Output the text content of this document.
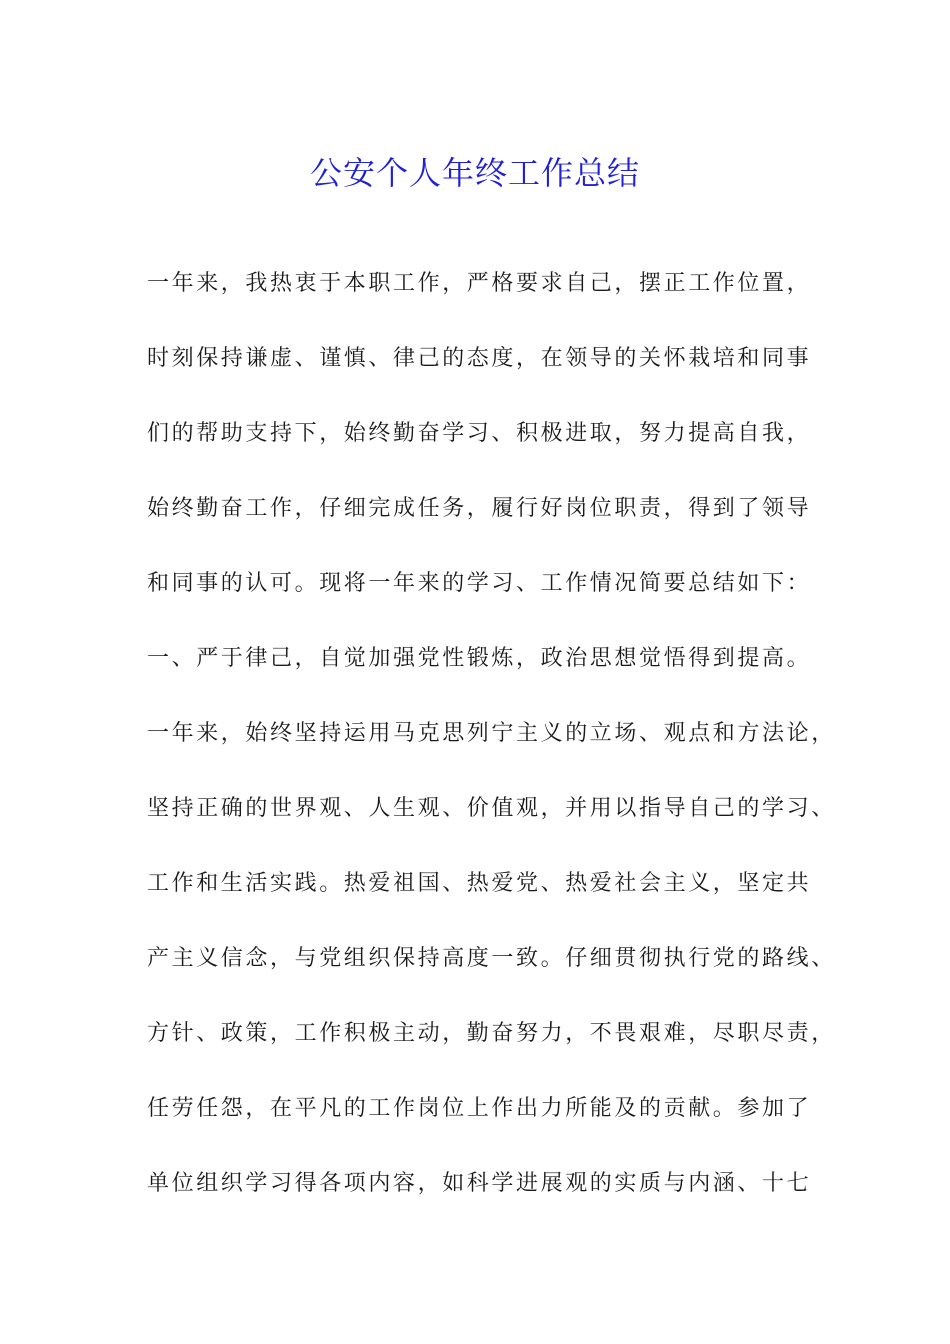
公安个人年终工作总结
一年来，我热衷于本职工作，严格要求自己，摆正工作位置，
时刻保持谦虚、谨慎、律己的态度，在领导的关怀栽培和同事
们的帮助支持下，始终勤奋学习、积极进取，努力提高自我，
始终勤奋工作，仔细完成任务，履行好岗位职责，得到了领导
和同事的认可。现将一年来的学习、工作情况简要总结如下：
一、严于律己，自觉加强党性锻炼，政治思想觉悟得到提高。
一年来，始终坚持运用马克思列宁主义的立场、观点和方法论，
坚持正确的世界观、人生观、价值观，并用以指导自己的学习、
工作和生活实践。热爱祖国、热爱党、热爱社会主义，坚定共
产主义信念，与党组织保持高度一致。仔细贯彻执行党的路线、
方针、政策，工作积极主动，勤奋努力，不畏艰难，尽职尽责，
任劳任怨，在平凡的工作岗位上作出力所能及的贡献。参加了
单位组织学习得各项内容，如科学进展观的实质与内涵、十七
